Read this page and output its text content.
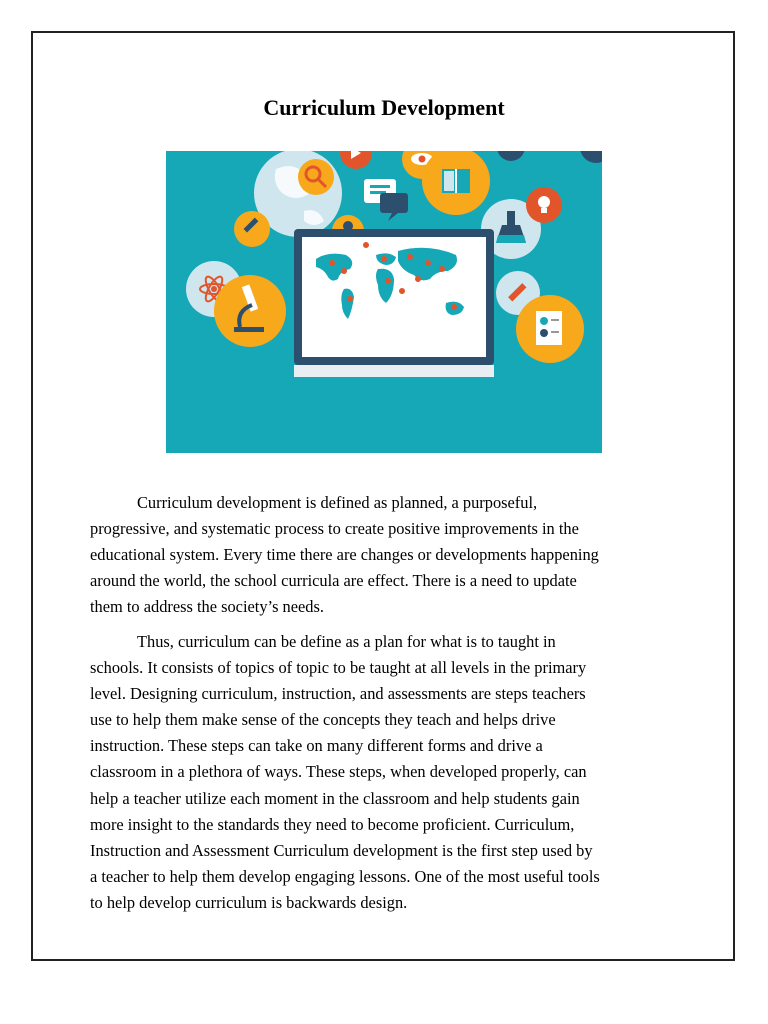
Curriculum Development

Curriculum development is defined as planned, a purposeful,
progressive, and systematic process to create positive improvements in the
educational system. Every time there are changes or developments happening
around the world, the school curricula are effect. There is a need to update
them to address the society’s needs.

Thus, curriculum can be define as a plan for what is to taught in
schools. It consists of topics of topic to be taught at all levels in the primary
level. Designing curriculum, instruction, and assessments are steps teachers
use to help them make sense of the concepts they teach and helps drive
instruction. These steps can take on many different forms and drive a
classroom in a plethora of ways. These steps, when developed properly, can
help a teacher utilize each moment in the classroom and help students gain
more insight to the standards they need to become proficient. Curriculum,
Instruction and Assessment Curriculum development is the first step used by
a teacher to help them develop engaging lessons. One of the most useful tools
to help develop curriculum is backwards design.
